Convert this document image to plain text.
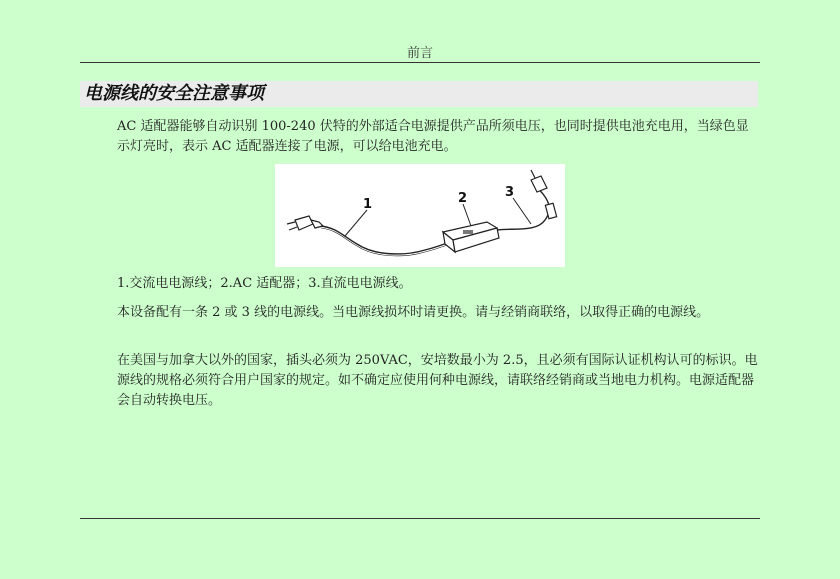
前言
电源线的安全注意事项

AC 适配器能够自动识别 100-240 伏特的外部适合电源提供产品所须电压，也同时提供电池充电用，当绿色显示灯亮时，表示 AC 适配器连接了电源，可以给电池充电。

1	2	3

1.交流电电源线；2.AC 适配器；3.直流电电源线。

本设备配有一条 2 或 3 线的电源线。当电源线损坏时请更换。请与经销商联络，以取得正确的电源线。

在美国与加拿大以外的国家，插头必须为 250VAC，安培数最小为 2.5，且必须有国际认证机构认可的标识。电源线的规格必须符合用户国家的规定。如不确定应使用何种电源线，请联络经销商或当地电力机构。电源适配器会自动转换电压。
